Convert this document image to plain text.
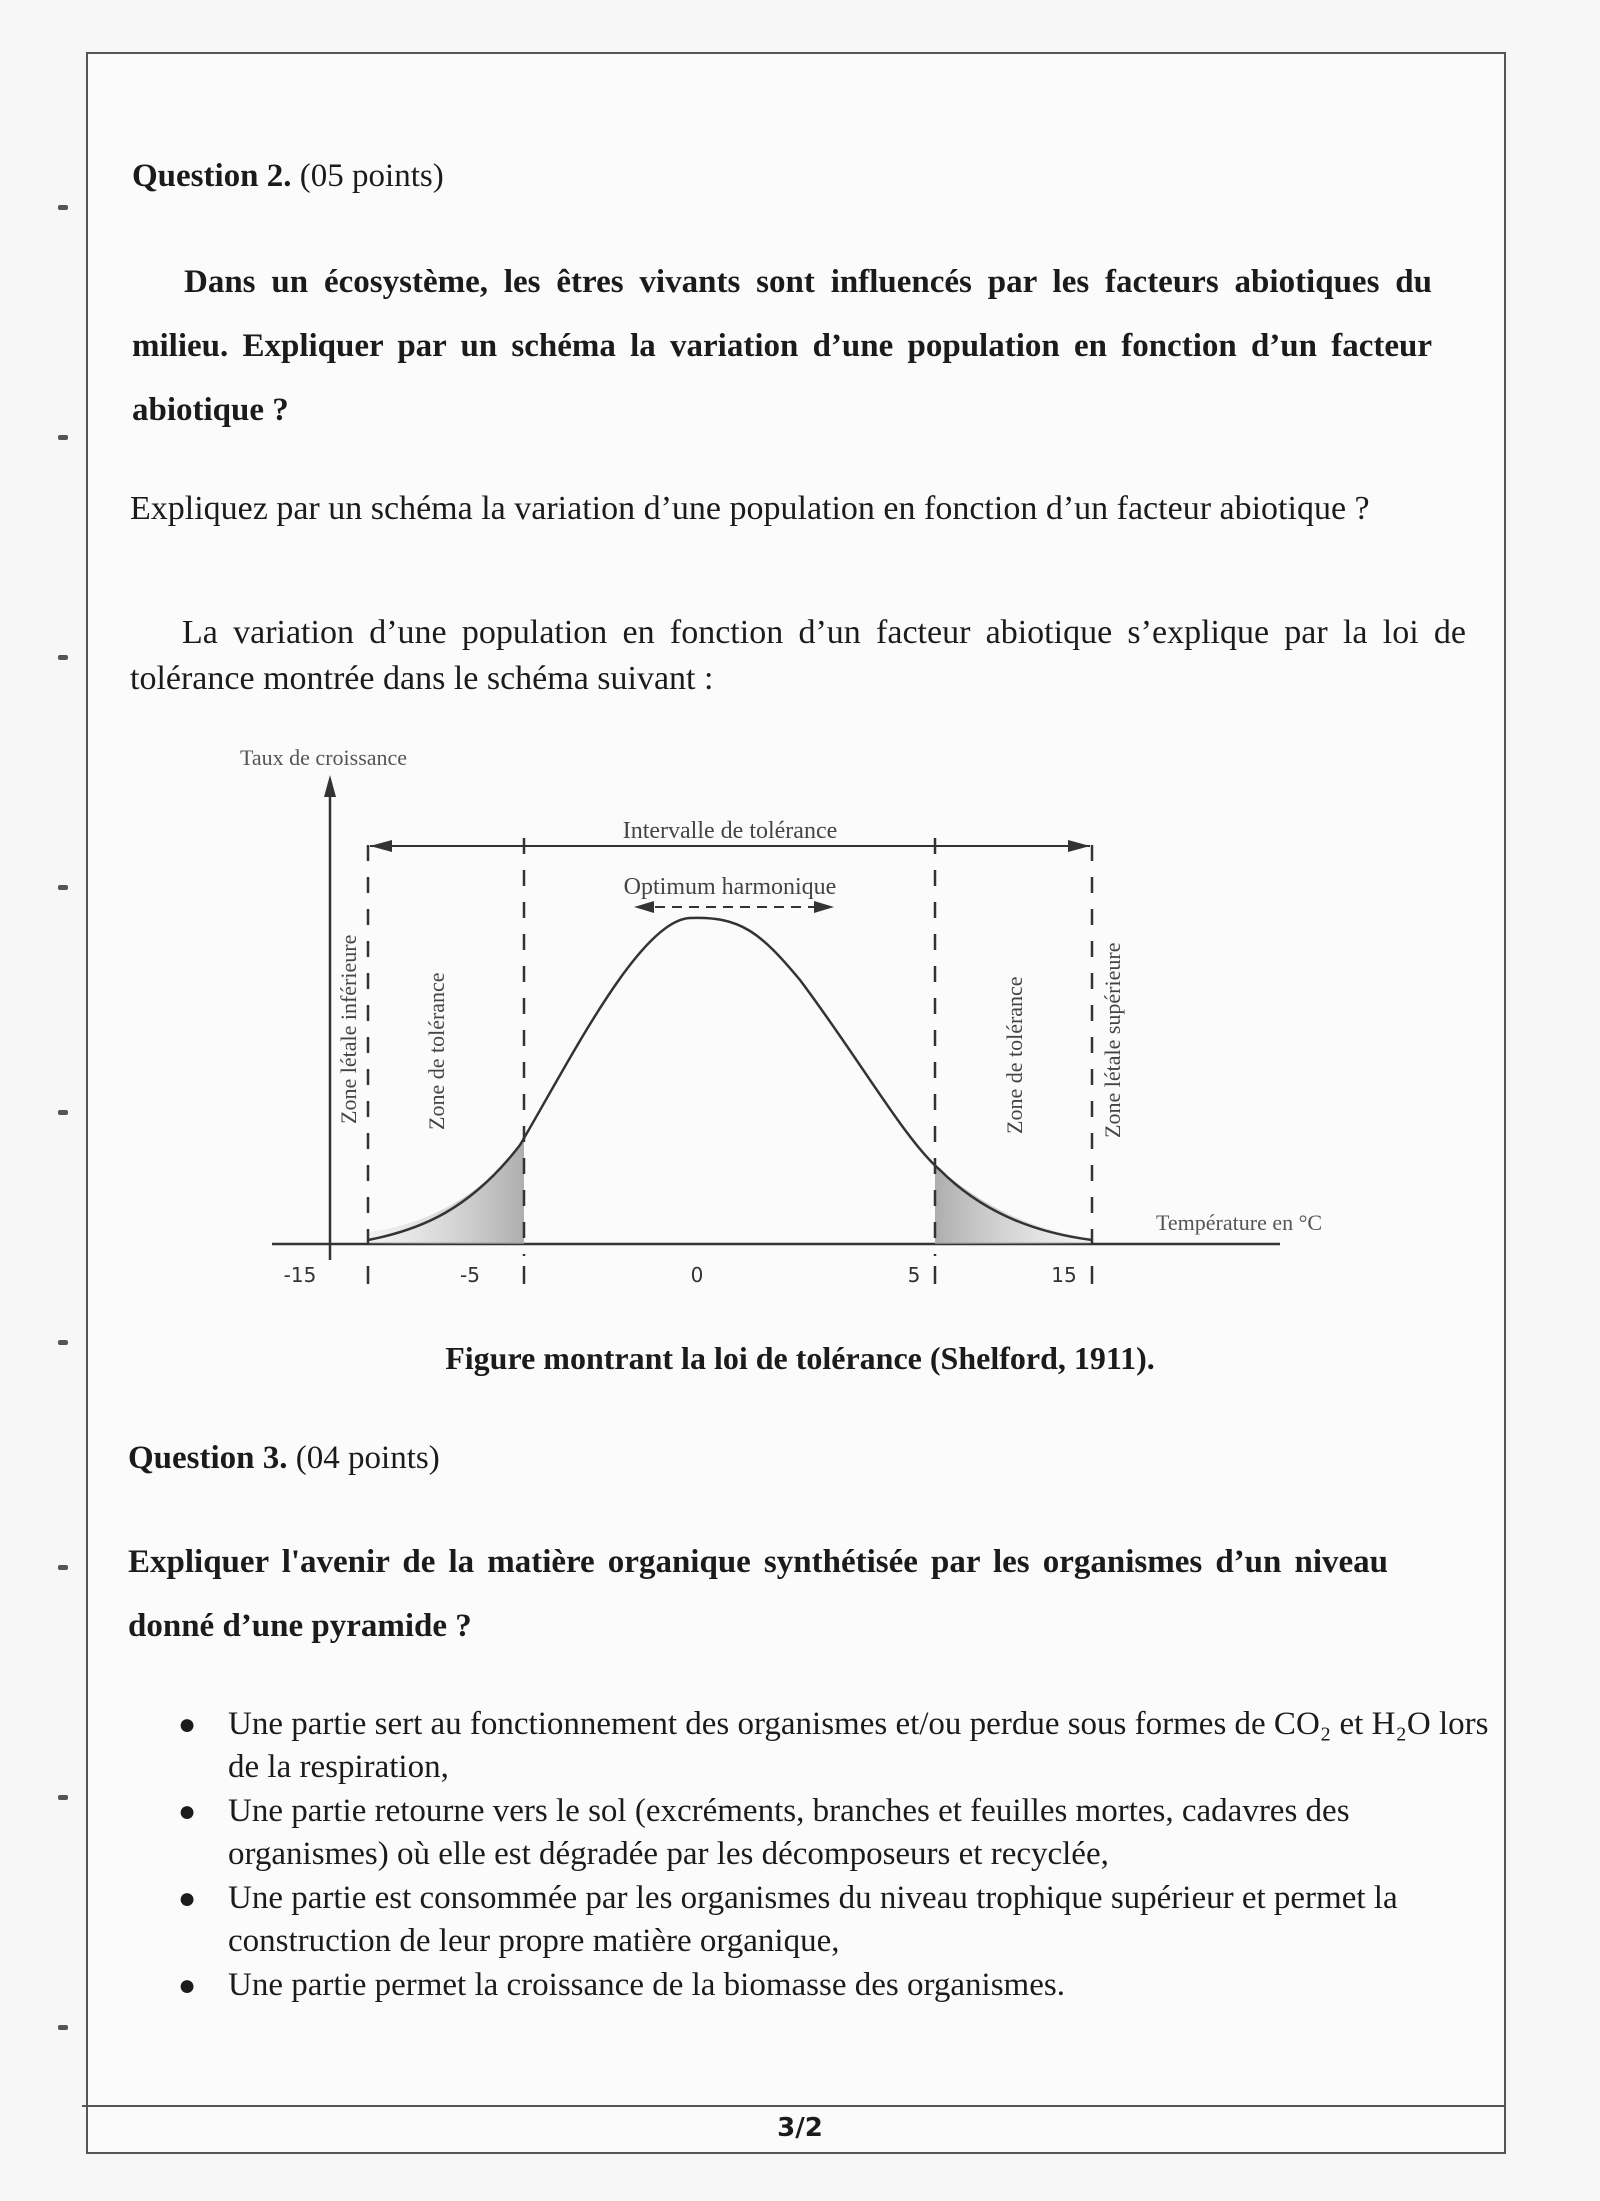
Question 2. (05 points)
Dans un écosystème, les êtres vivants sont influencés par les facteurs abiotiques du milieu. Expliquer par un schéma la variation d’une population en fonction d’un facteur abiotique ?
Expliquez par un schéma la variation d’une population en fonction d’un facteur abiotique ?
La variation d’une population en fonction d’un facteur abiotique s’explique par la loi de tolérance montrée dans le schéma suivant :
Taux de croissance
Température en °C
Intervalle de tolérance
Optimum harmonique
Zone létale inférieure	Zone de tolérance	Zone de tolérance	Zone létale supérieure
-15	-5	0	5	15
Figure montrant la loi de tolérance (Shelford, 1911).
Question 3. (04 points)
Expliquer l'avenir de la matière organique synthétisée par les organismes d’un niveau donné d’une pyramide ?
● Une partie sert au fonctionnement des organismes et/ou perdue sous formes de CO₂ et H₂O lors de la respiration,
● Une partie retourne vers le sol (excréments, branches et feuilles mortes, cadavres des organismes) où elle est dégradée par les décomposeurs et recyclée,
● Une partie est consommée par les organismes du niveau trophique supérieur et permet la construction de leur propre matière organique,
● Une partie permet la croissance de la biomasse des organismes.
3/2
